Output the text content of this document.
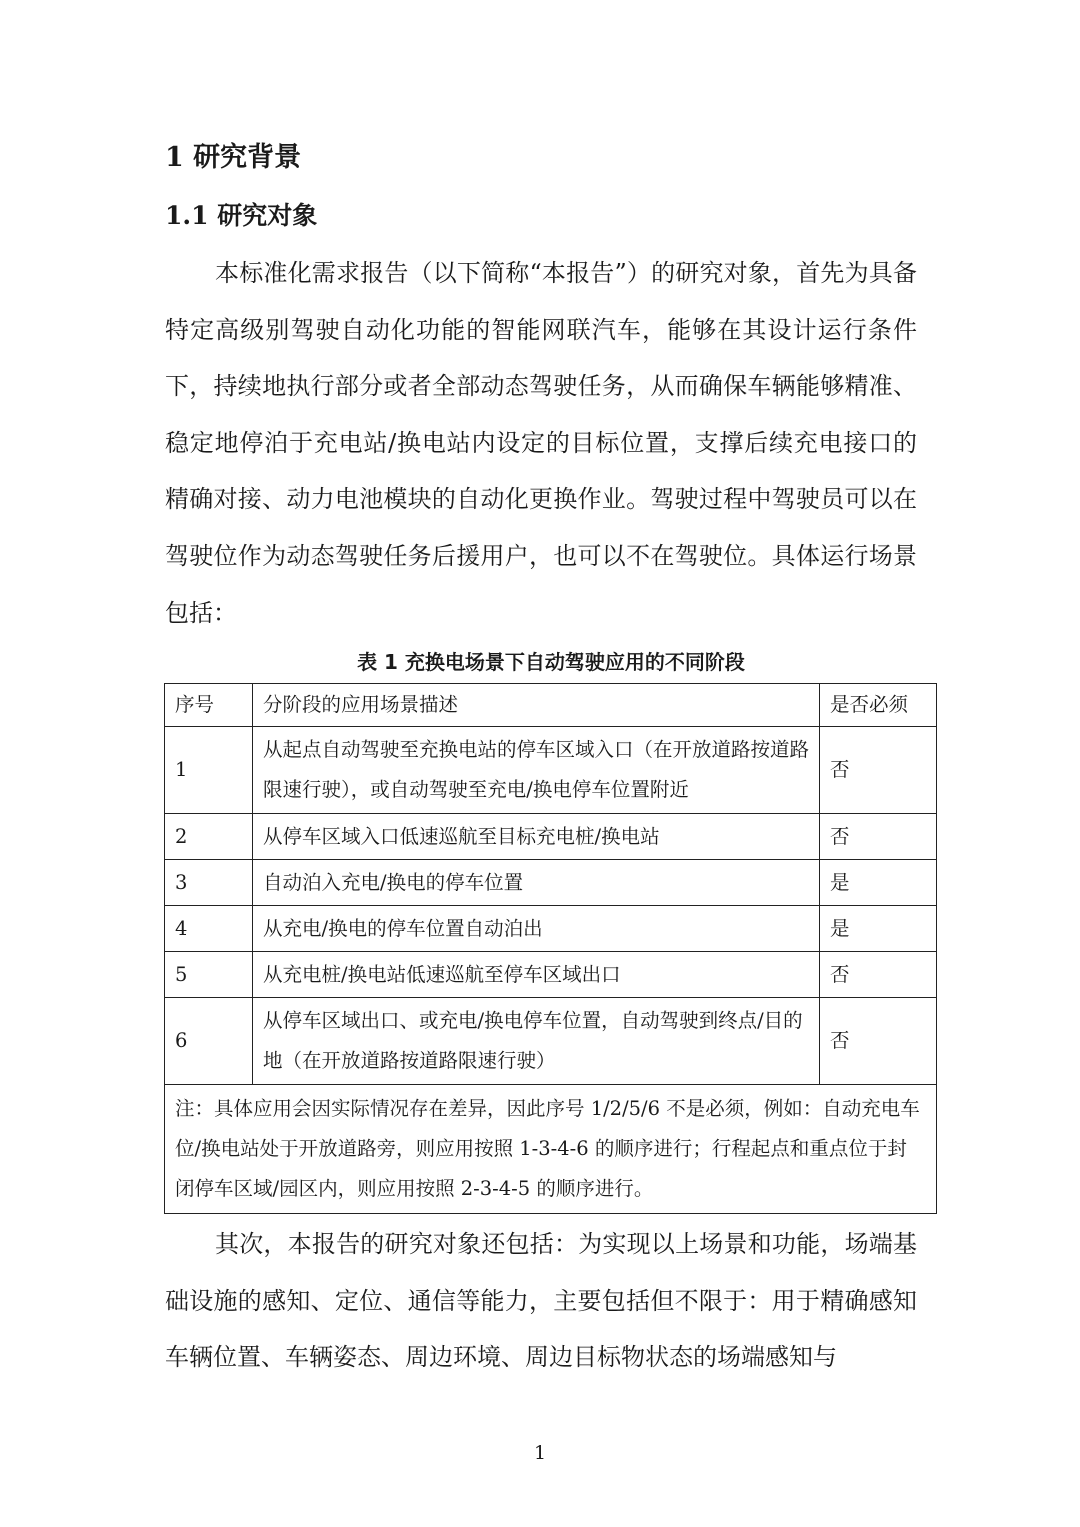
1 研究背景
1.1 研究对象

本标准化需求报告（以下简称“本报告”）的研究对象，首先为具备特定高级别驾驶自动化功能的智能网联汽车，能够在其设计运行条件下，持续地执行部分或者全部动态驾驶任务，从而确保车辆能够精准、稳定地停泊于充电站/换电站内设定的目标位置，支撑后续充电接口的精确对接、动力电池模块的自动化更换作业。驾驶过程中驾驶员可以在驾驶位作为动态驾驶任务后援用户，也可以不在驾驶位。具体运行场景包括：

表 1 充换电场景下自动驾驶应用的不同阶段
序号	分阶段的应用场景描述	是否必须
1	从起点自动驾驶至充换电站的停车区域入口（在开放道路按道路限速行驶），或自动驾驶至充电/换电停车位置附近	否
2	从停车区域入口低速巡航至目标充电桩/换电站	否
3	自动泊入充电/换电的停车位置	是
4	从充电/换电的停车位置自动泊出	是
5	从充电桩/换电站低速巡航至停车区域出口	否
6	从停车区域出口、或充电/换电停车位置，自动驾驶到终点/目的地（在开放道路按道路限速行驶）	否
注：具体应用会因实际情况存在差异，因此序号 1/2/5/6 不是必须，例如：自动充电车位/换电站处于开放道路旁，则应用按照 1-3-4-6 的顺序进行；行程起点和重点位于封闭停车区域/园区内，则应用按照 2-3-4-5 的顺序进行。		

其次，本报告的研究对象还包括：为实现以上场景和功能，场端基础设施的感知、定位、通信等能力，主要包括但不限于：用于精确感知车辆位置、车辆姿态、周边环境、周边目标物状态的场端感知与

1
